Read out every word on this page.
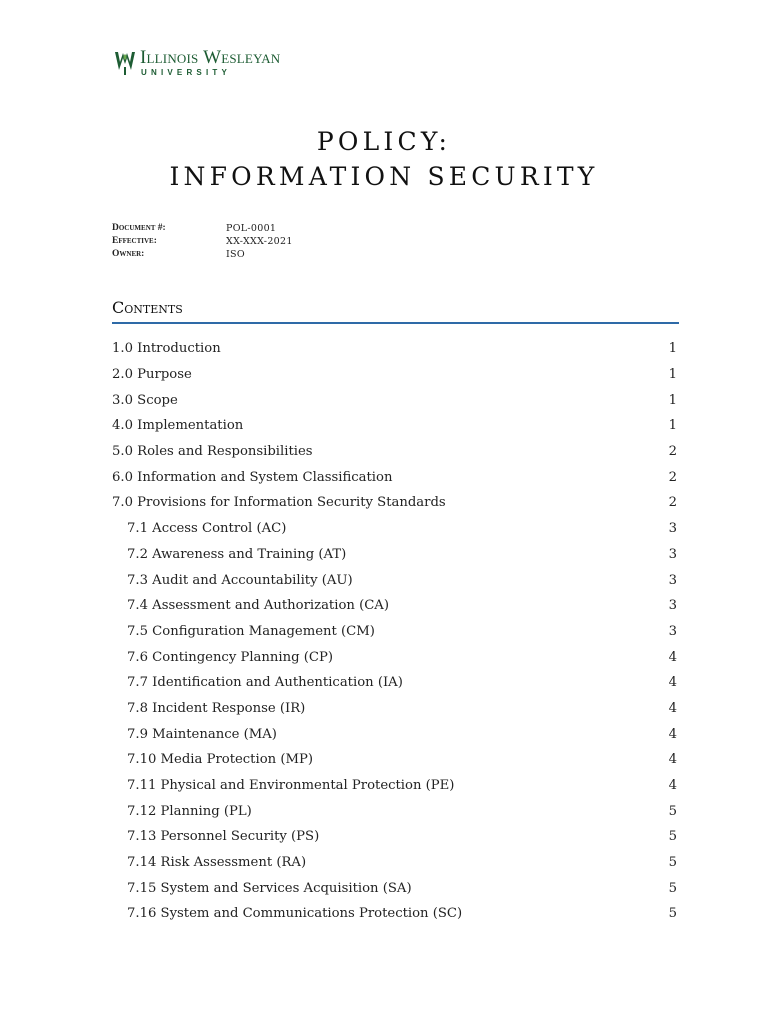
Illinois Wesleyan
UNIVERSITY
POLICY:
INFORMATION SECURITY
Document #:	POL-0001
Effective:	XX-XXX-2021
Owner:	ISO
Contents
1.0 Introduction	1
2.0 Purpose	1
3.0 Scope	1
4.0 Implementation	1
5.0 Roles and Responsibilities	2
6.0 Information and System Classification	2
7.0 Provisions for Information Security Standards	2
7.1 Access Control (AC)	3
7.2 Awareness and Training (AT)	3
7.3 Audit and Accountability (AU)	3
7.4 Assessment and Authorization (CA)	3
7.5 Configuration Management (CM)	3
7.6 Contingency Planning (CP)	4
7.7 Identification and Authentication (IA)	4
7.8 Incident Response (IR)	4
7.9 Maintenance (MA)	4
7.10 Media Protection (MP)	4
7.11 Physical and Environmental Protection (PE)	4
7.12 Planning (PL)	5
7.13 Personnel Security (PS)	5
7.14 Risk Assessment (RA)	5
7.15 System and Services Acquisition (SA)	5
7.16 System and Communications Protection (SC)	5
